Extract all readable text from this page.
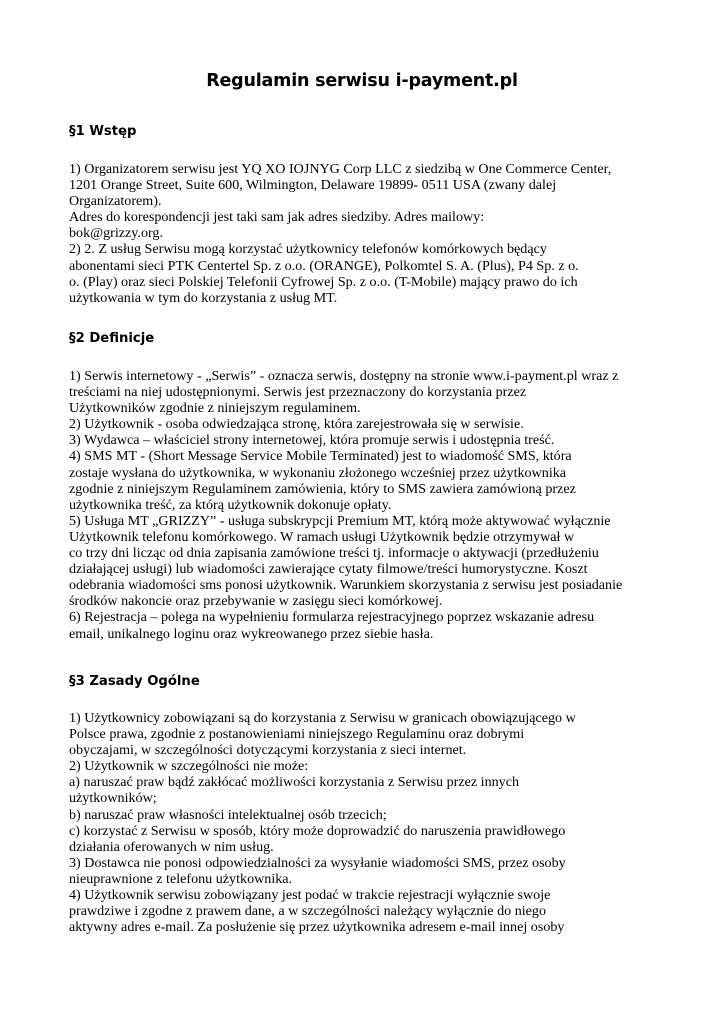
Regulamin serwisu i-payment.pl
§1 Wstęp
1) Organizatorem serwisu jest YQ XO IOJNYG Corp LLC z siedzibą w One Commerce Center,
1201 Orange Street, Suite 600, Wilmington, Delaware 19899- 0511 USA (zwany dalej
Organizatorem).
Adres do korespondencji jest taki sam jak adres siedziby. Adres mailowy:
bok@grizzy.org.
2) 2. Z usług Serwisu mogą korzystać użytkownicy telefonów komórkowych będący
abonentami sieci PTK Centertel Sp. z o.o. (ORANGE), Polkomtel S. A. (Plus), P4 Sp. z o.
o. (Play) oraz sieci Polskiej Telefonii Cyfrowej Sp. z o.o. (T-Mobile) mający prawo do ich
użytkowania w tym do korzystania z usług MT.
§2 Definicje
1) Serwis internetowy - „Serwis” - oznacza serwis, dostępny na stronie www.i-payment.pl wraz z
treściami na niej udostępnionymi. Serwis jest przeznaczony do korzystania przez
Użytkowników zgodnie z niniejszym regulaminem.
2) Użytkownik - osoba odwiedzająca stronę, która zarejestrowała się w serwisie.
3) Wydawca – właściciel strony internetowej, która promuje serwis i udostępnia treść.
4) SMS MT - (Short Message Service Mobile Terminated) jest to wiadomość SMS, która
zostaje wysłana do użytkownika, w wykonaniu złożonego wcześniej przez użytkownika
zgodnie z niniejszym Regulaminem zamówienia, który to SMS zawiera zamówioną przez
użytkownika treść, za którą użytkownik dokonuje opłaty.
5) Usługa MT „GRIZZY” - usługa subskrypcji Premium MT, którą może aktywować wyłącznie
Użytkownik telefonu komórkowego. W ramach usługi Użytkownik będzie otrzymywał w
co trzy dni licząc od dnia zapisania zamówione treści tj. informacje o aktywacji (przedłużeniu
działającej usługi) lub wiadomości zawierające cytaty filmowe/treści humorystyczne. Koszt
odebrania wiadomości sms ponosi użytkownik. Warunkiem skorzystania z serwisu jest posiadanie
środków nakoncie oraz przebywanie w zasięgu sieci komórkowej.
6) Rejestracja – polega na wypełnieniu formularza rejestracyjnego poprzez wskazanie adresu
email, unikalnego loginu oraz wykreowanego przez siebie hasła.
§3 Zasady Ogólne
1) Użytkownicy zobowiązani są do korzystania z Serwisu w granicach obowiązującego w
Polsce prawa, zgodnie z postanowieniami niniejszego Regulaminu oraz dobrymi
obyczajami, w szczególności dotyczącymi korzystania z sieci internet.
2) Użytkownik w szczególności nie może:
a) naruszać praw bądź zakłócać możliwości korzystania z Serwisu przez innych
użytkowników;
b) naruszać praw własności intelektualnej osób trzecich;
c) korzystać z Serwisu w sposób, który może doprowadzić do naruszenia prawidłowego
działania oferowanych w nim usług.
3) Dostawca nie ponosi odpowiedzialności za wysyłanie wiadomości SMS, przez osoby
nieuprawnione z telefonu użytkownika.
4) Użytkownik serwisu zobowiązany jest podać w trakcie rejestracji wyłącznie swoje
prawdziwe i zgodne z prawem dane, a w szczególności należący wyłącznie do niego
aktywny adres e-mail. Za posłużenie się przez użytkownika adresem e-mail innej osoby
